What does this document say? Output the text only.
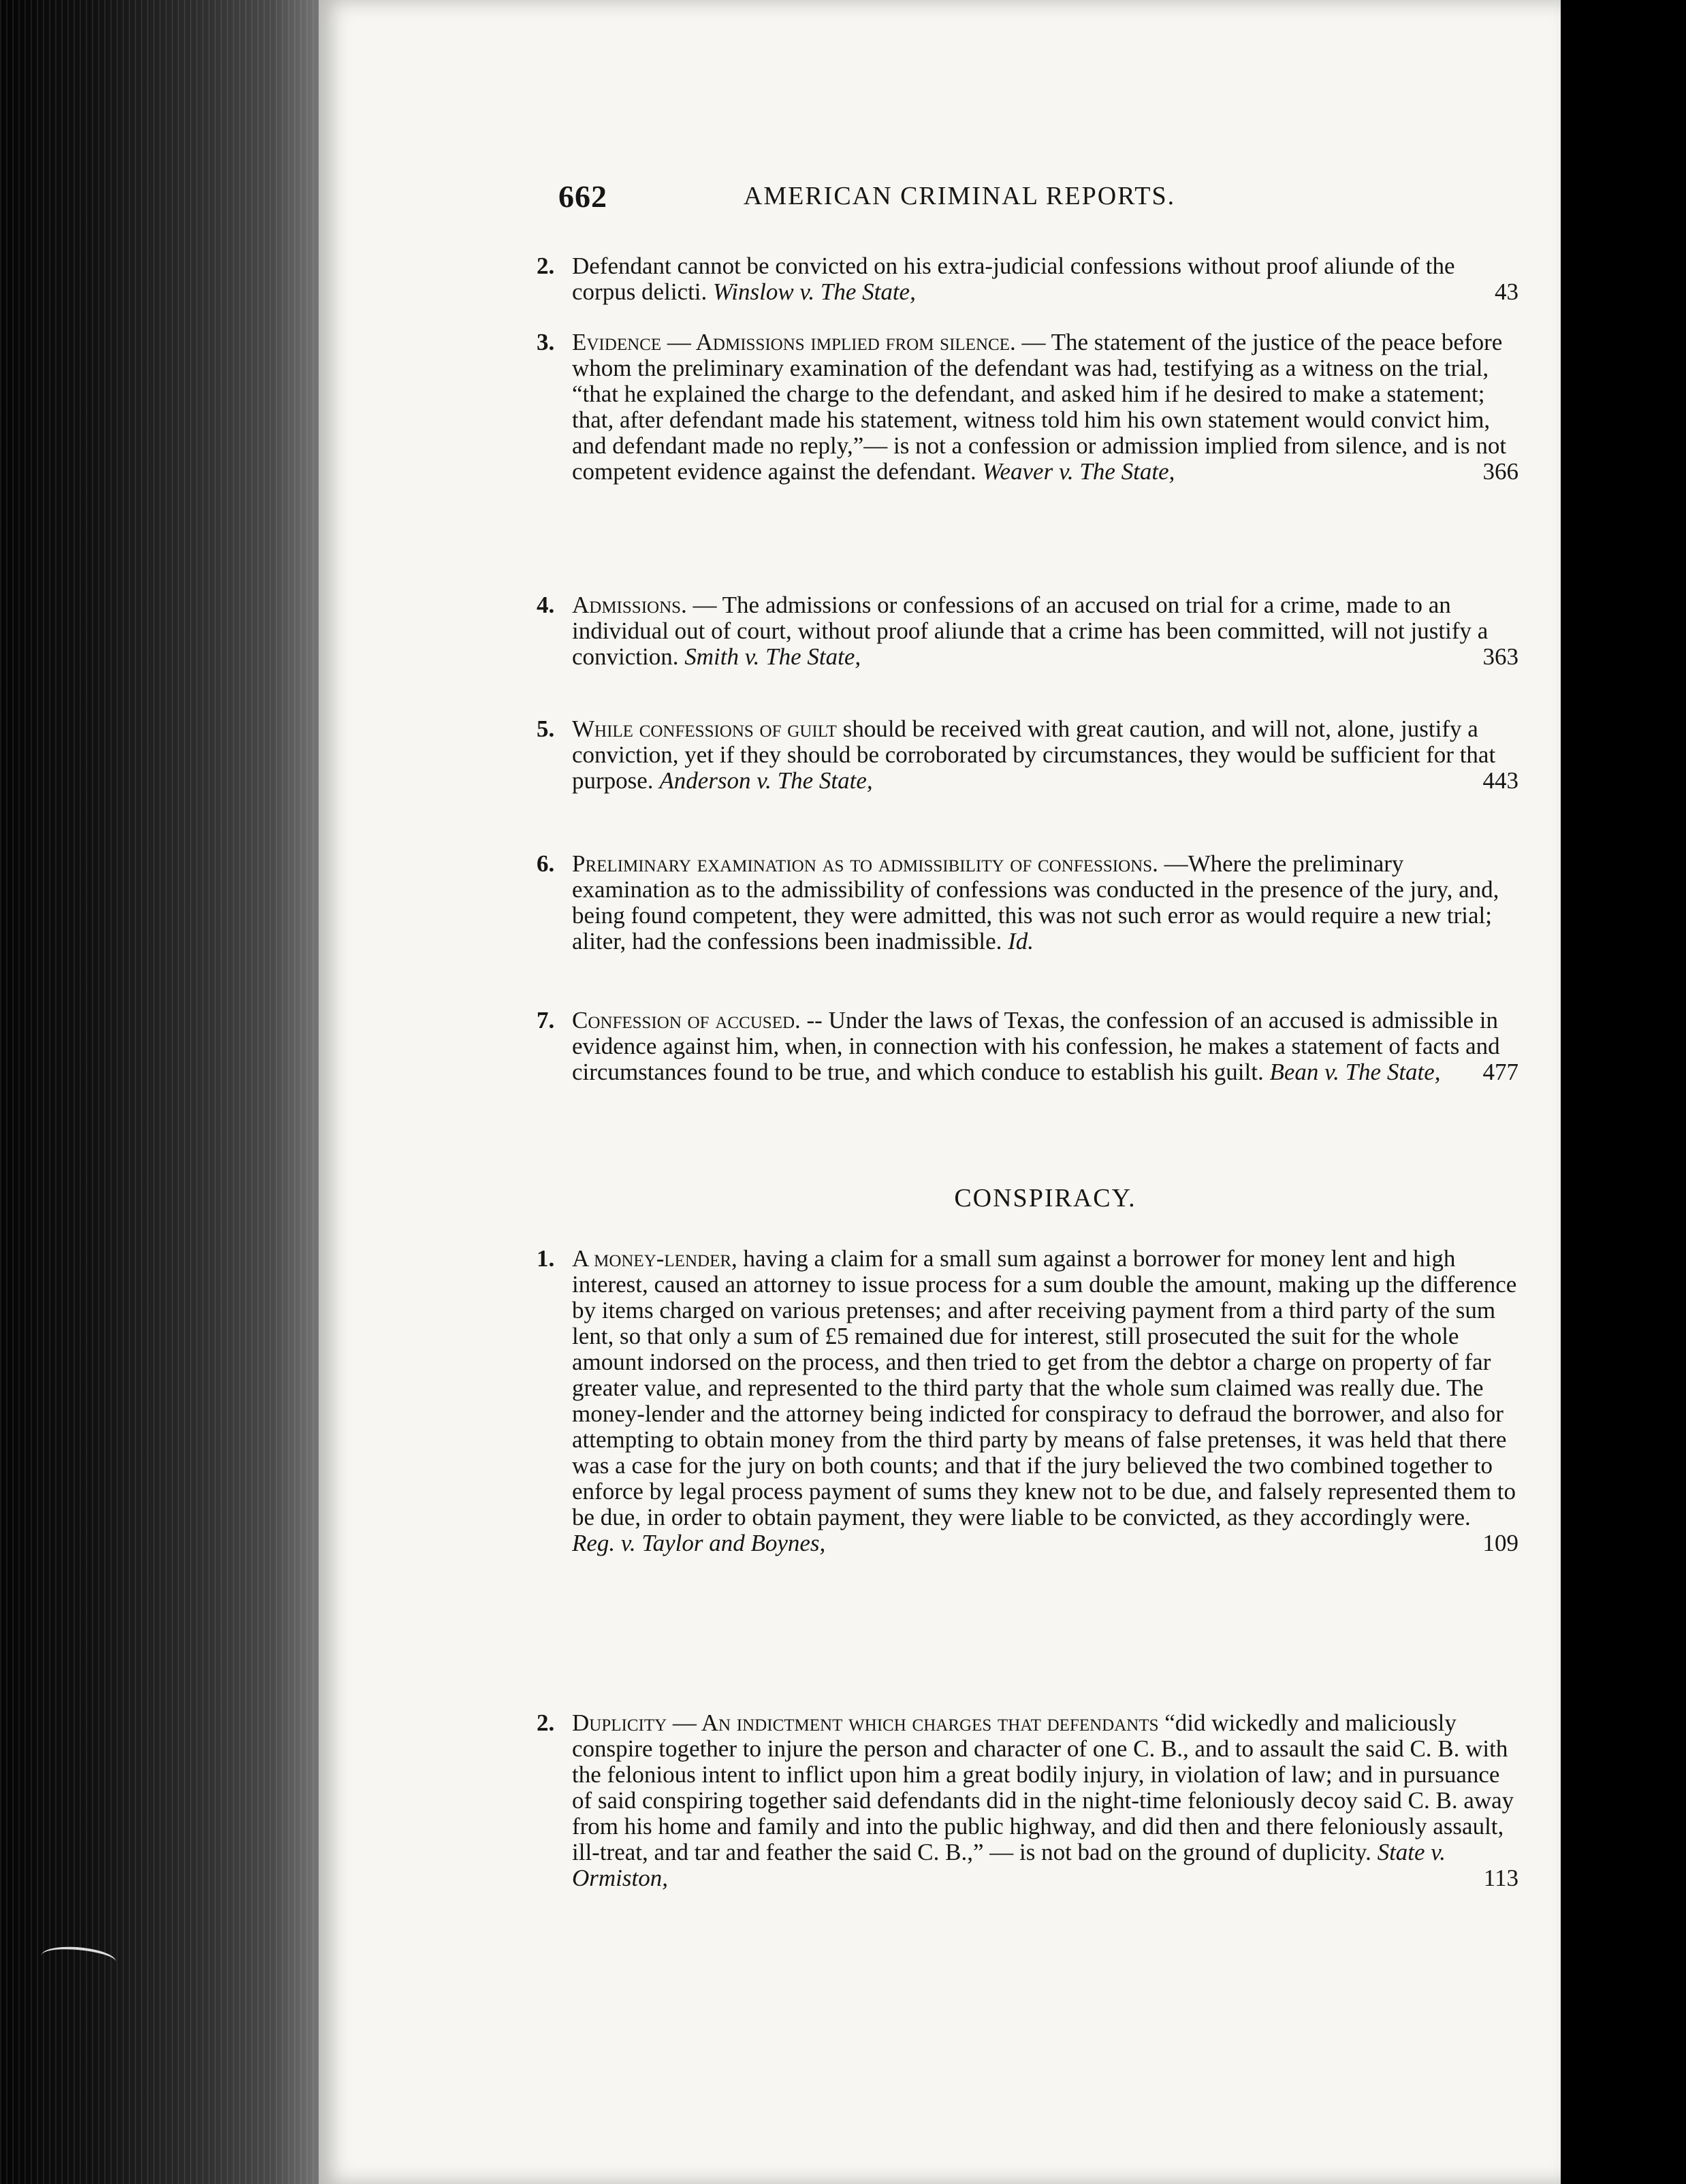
662	AMERICAN CRIMINAL REPORTS.
2. Defendant cannot be convicted on his extra-judicial confessions without proof aliunde of the corpus delicti. Winslow v. The State,	43
3. Evidence — Admissions implied from silence. — The statement of the justice of the peace before whom the preliminary examination of the defendant was had, testifying as a witness on the trial, “that he explained the charge to the defendant, and asked him if he desired to make a statement; that, after defendant made his statement, witness told him his own statement would convict him, and defendant made no reply,”— is not a confession or admission implied from silence, and is not competent evidence against the defendant. Weaver v. The State,	366
4. Admissions. — The admissions or confessions of an accused on trial for a crime, made to an individual out of court, without proof aliunde that a crime has been committed, will not justify a conviction. Smith v. The State,	363
5. While confessions of guilt should be received with great caution, and will not, alone, justify a conviction, yet if they should be corroborated by circumstances, they would be sufficient for that purpose. Anderson v. The State,	443
6. Preliminary examination as to admissibility of confessions. —Where the preliminary examination as to the admissibility of confessions was conducted in the presence of the jury, and, being found competent, they were admitted, this was not such error as would require a new trial; aliter, had the confessions been inadmissible. Id.
7. Confession of accused. -- Under the laws of Texas, the confession of an accused is admissible in evidence against him, when, in connection with his confession, he makes a statement of facts and circumstances found to be true, and which conduce to establish his guilt. Bean v. The State, 477
CONSPIRACY.
1. A money-lender, having a claim for a small sum against a borrower for money lent and high interest, caused an attorney to issue process for a sum double the amount, making up the difference by items charged on various pretenses; and after receiving payment from a third party of the sum lent, so that only a sum of £5 remained due for interest, still prosecuted the suit for the whole amount indorsed on the process, and then tried to get from the debtor a charge on property of far greater value, and represented to the third party that the whole sum claimed was really due. The money-lender and the attorney being indicted for conspiracy to defraud the borrower, and also for attempting to obtain money from the third party by means of false pretenses, it was held that there was a case for the jury on both counts; and that if the jury believed the two combined together to enforce by legal process payment of sums they knew not to be due, and falsely represented them to be due, in order to obtain payment, they were liable to be convicted, as they accordingly were. Reg. v. Taylor and Boynes,	109
2. Duplicity — An indictment which charges that defendants “did wickedly and maliciously conspire together to injure the person and character of one C. B., and to assault the said C. B. with the felonious intent to inflict upon him a great bodily injury, in violation of law; and in pursuance of said conspiring together said defendants did in the night-time feloniously decoy said C. B. away from his home and family and into the public highway, and did then and there feloniously assault, ill-treat, and tar and feather the said C. B.,” — is not bad on the ground of duplicity. State v. Ormiston,	113
